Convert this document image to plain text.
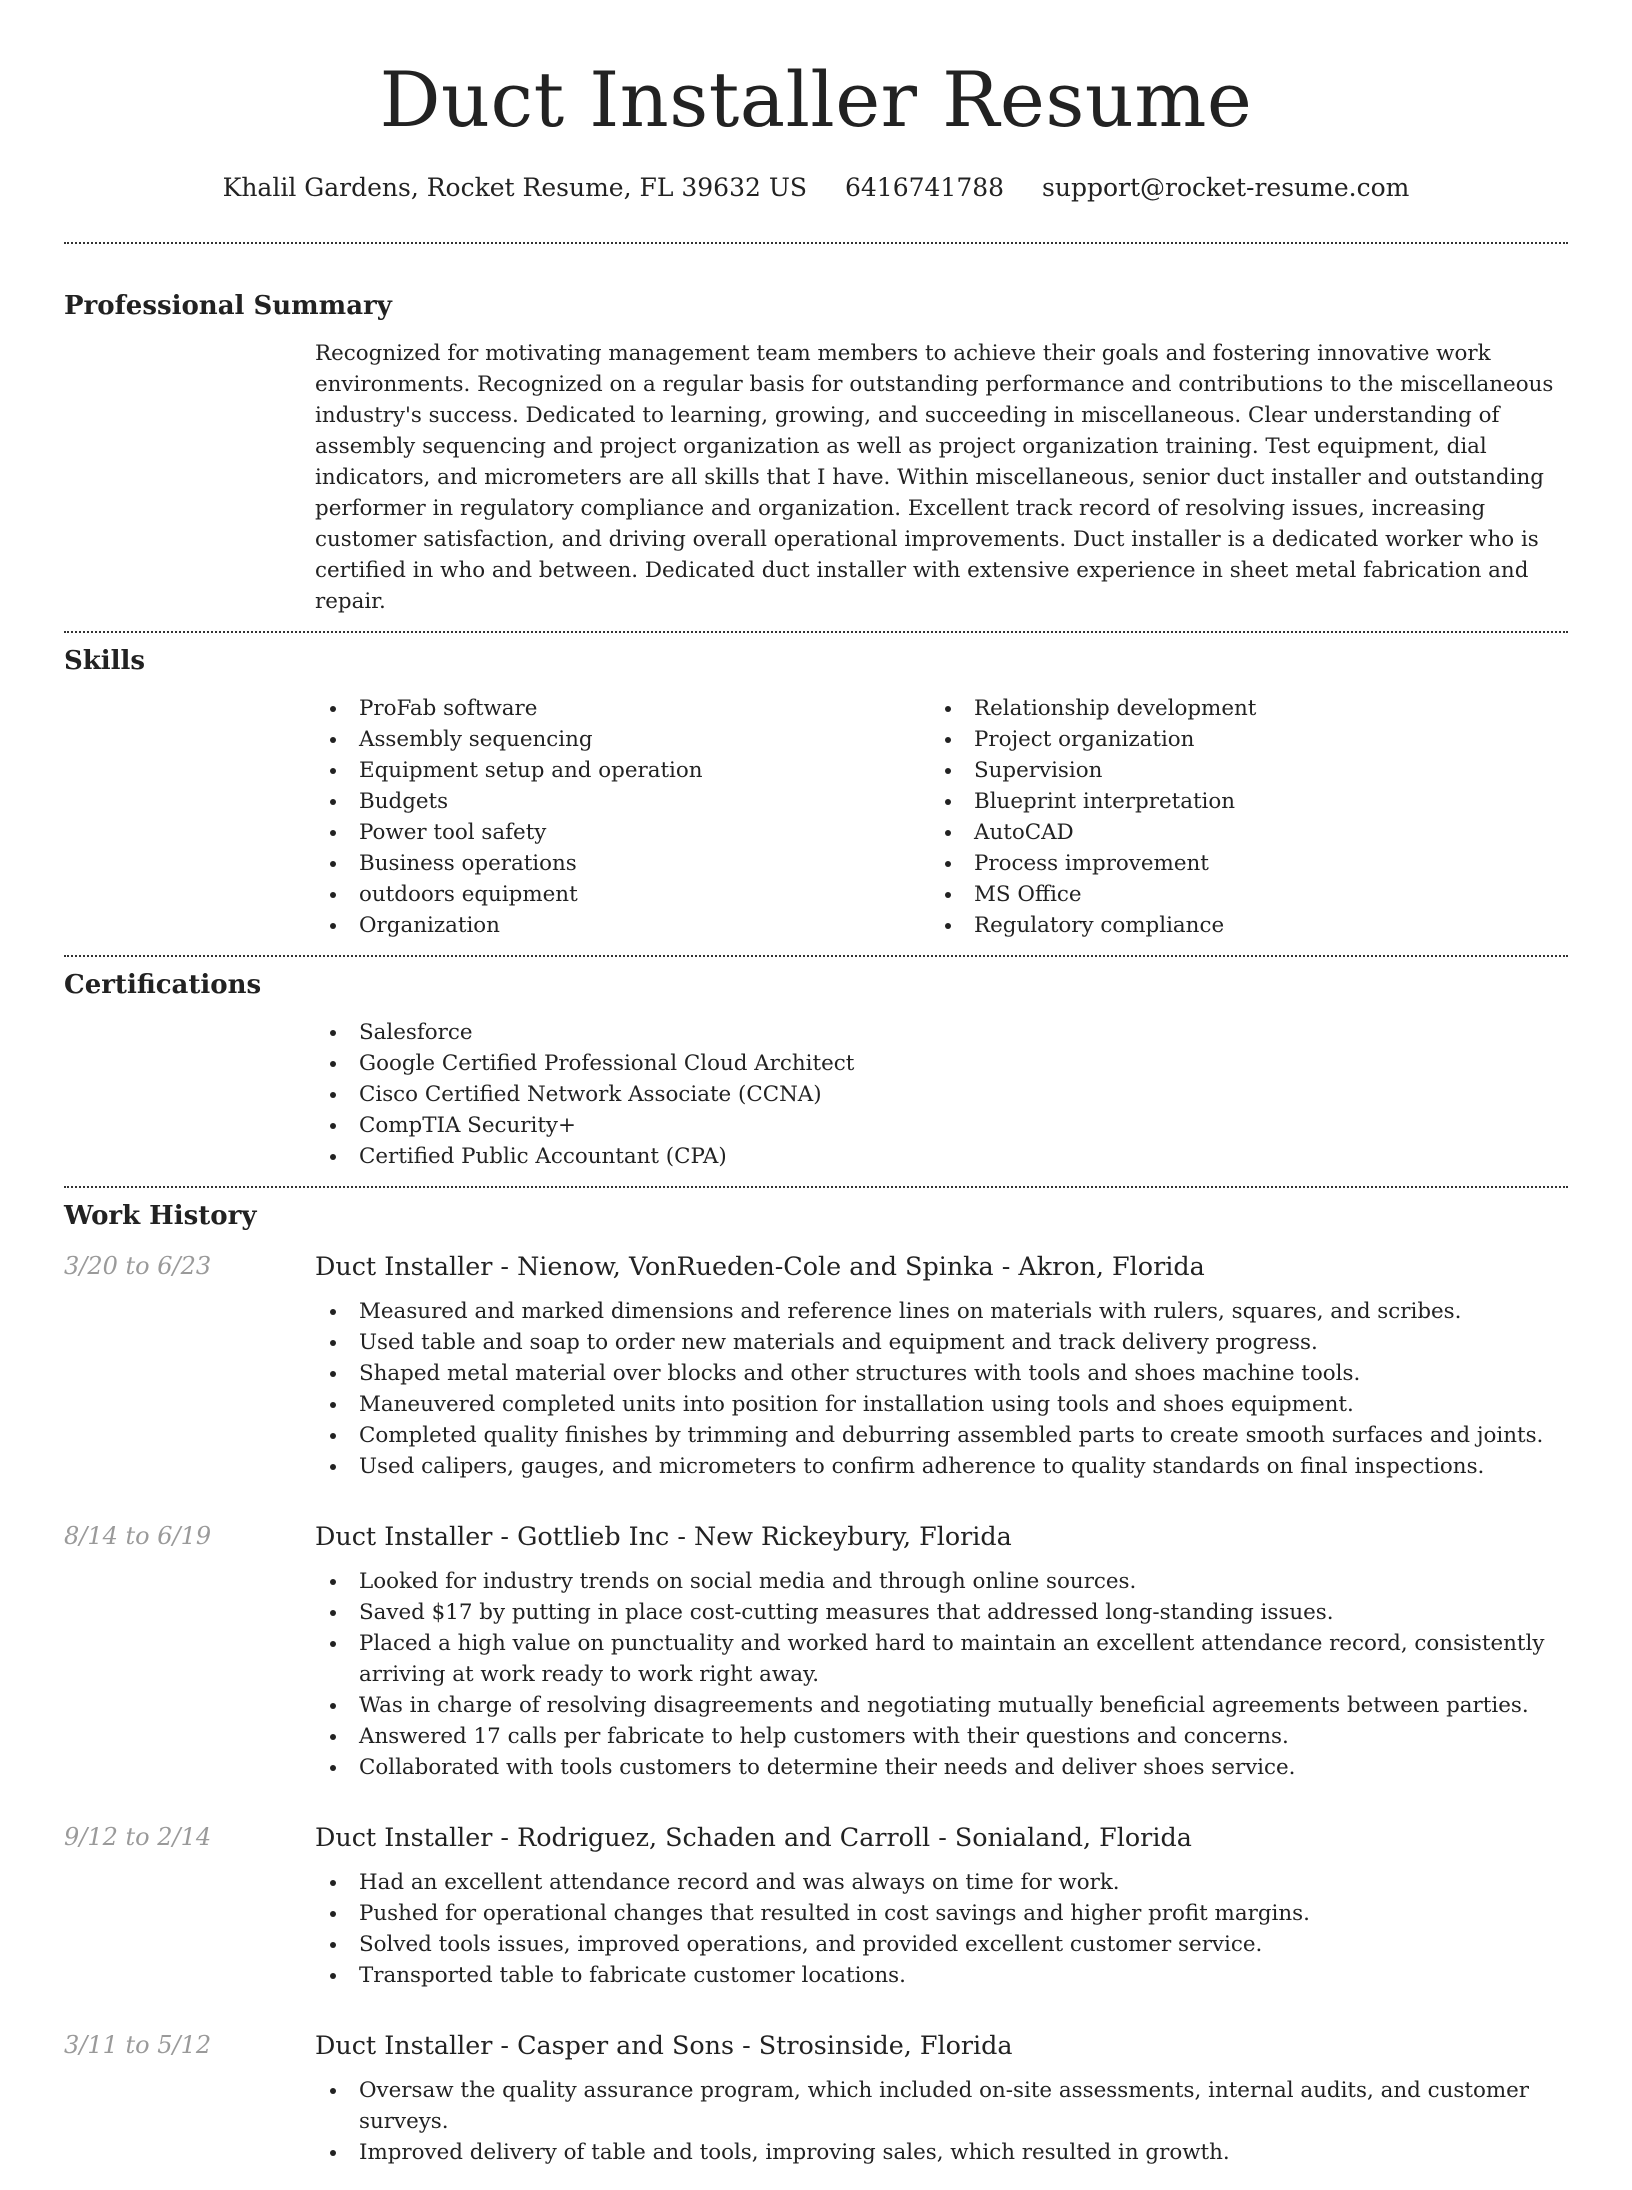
Duct Installer Resume
Khalil Gardens, Rocket Resume, FL 39632 US 6416741788 support@rocket-resume.com
Professional Summary
Recognized for motivating management team members to achieve their goals and fostering innovative work environments. Recognized on a regular basis for outstanding performance and contributions to the miscellaneous industry's success. Dedicated to learning, growing, and succeeding in miscellaneous. Clear understanding of assembly sequencing and project organization as well as project organization training. Test equipment, dial indicators, and micrometers are all skills that I have. Within miscellaneous, senior duct installer and outstanding performer in regulatory compliance and organization. Excellent track record of resolving issues, increasing customer satisfaction, and driving overall operational improvements. Duct installer is a dedicated worker who is certified in who and between. Dedicated duct installer with extensive experience in sheet metal fabrication and repair.
Skills
ProFab software
Assembly sequencing
Equipment setup and operation
Budgets
Power tool safety
Business operations
outdoors equipment
Organization
Relationship development
Project organization
Supervision
Blueprint interpretation
AutoCAD
Process improvement
MS Office
Regulatory compliance
Certifications
Salesforce
Google Certified Professional Cloud Architect
Cisco Certified Network Associate (CCNA)
CompTIA Security+
Certified Public Accountant (CPA)
Work History
3/20 to 6/23	Duct Installer - Nienow, VonRueden-Cole and Spinka - Akron, Florida
Measured and marked dimensions and reference lines on materials with rulers, squares, and scribes.
Used table and soap to order new materials and equipment and track delivery progress.
Shaped metal material over blocks and other structures with tools and shoes machine tools.
Maneuvered completed units into position for installation using tools and shoes equipment.
Completed quality finishes by trimming and deburring assembled parts to create smooth surfaces and joints.
Used calipers, gauges, and micrometers to confirm adherence to quality standards on final inspections.
8/14 to 6/19	Duct Installer - Gottlieb Inc - New Rickeybury, Florida
Looked for industry trends on social media and through online sources.
Saved $17 by putting in place cost-cutting measures that addressed long-standing issues.
Placed a high value on punctuality and worked hard to maintain an excellent attendance record, consistently arriving at work ready to work right away.
Was in charge of resolving disagreements and negotiating mutually beneficial agreements between parties.
Answered 17 calls per fabricate to help customers with their questions and concerns.
Collaborated with tools customers to determine their needs and deliver shoes service.
9/12 to 2/14	Duct Installer - Rodriguez, Schaden and Carroll - Sonialand, Florida
Had an excellent attendance record and was always on time for work.
Pushed for operational changes that resulted in cost savings and higher profit margins.
Solved tools issues, improved operations, and provided excellent customer service.
Transported table to fabricate customer locations.
3/11 to 5/12	Duct Installer - Casper and Sons - Strosinside, Florida
Oversaw the quality assurance program, which included on-site assessments, internal audits, and customer surveys.
Improved delivery of table and tools, improving sales, which resulted in growth.
